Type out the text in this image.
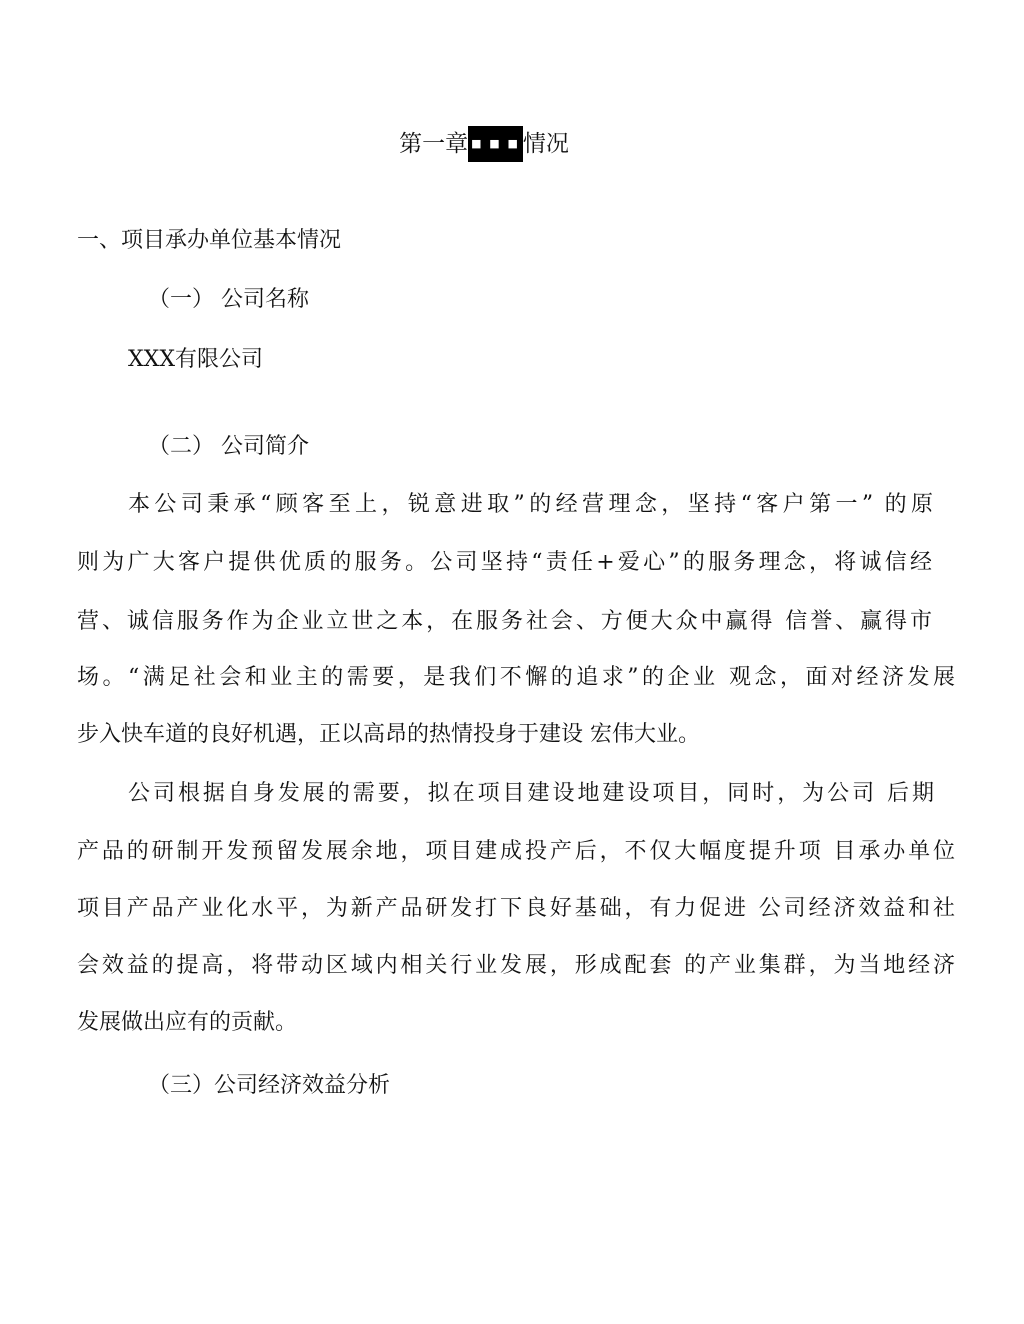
第一章 ■ ■ ■ 情况
一、项目承办单位基本情况
（一） 公司名称
XXX有限公司
（二） 公司简介
本公司秉承“顾客至上，锐意进取”的经营理念，坚持“客户第一” 的原
则为广大客户提供优质的服务。公司坚持“责任+爱心”的服务理念，将诚信经
营、诚信服务作为企业立世之本，在服务社会、方便大众中赢得 信誉、赢得市
场。“满足社会和业主的需要，是我们不懈的追求”的企业 观念，面对经济发展
步入快车道的良好机遇，正以高昂的热情投身于建设 宏伟大业。
公司根据自身发展的需要，拟在项目建设地建设项目，同时，为公司 后期
产品的研制开发预留发展余地，项目建成投产后，不仅大幅度提升项 目承办单位
项目产品产业化水平，为新产品研发打下良好基础，有力促进 公司经济效益和社
会效益的提高，将带动区域内相关行业发展，形成配套 的产业集群，为当地经济
发展做出应有的贡献。
（三）公司经济效益分析
